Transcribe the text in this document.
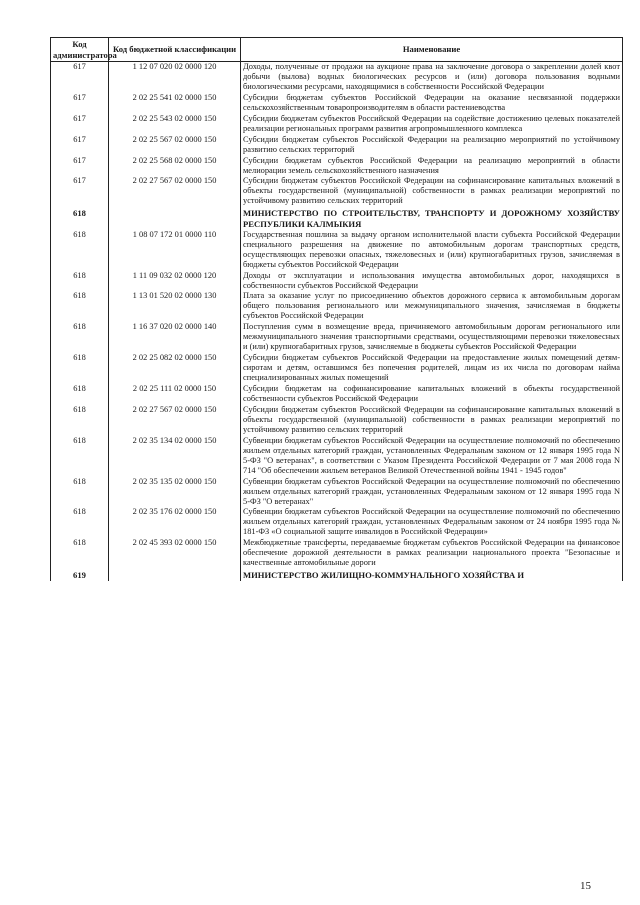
Код администратора	Код бюджетной классификации	Наименование
617	1 12 07 020 02 0000 120	Доходы, полученные от продажи на аукционе права на заключение договора о закреплении долей квот добычи (вылова) водных биологических ресурсов и (или) договора пользования водными биологическими ресурсами, находящимися в собственности Российской Федерации
617	2 02 25 541 02 0000 150	Субсидии бюджетам субъектов Российской Федерации на оказание несвязанной поддержки сельскохозяйственным товаропроизводителям в области растениеводства
617	2 02 25 543 02 0000 150	Субсидии бюджетам субъектов Российской Федерации на содействие достижению целевых показателей реализации региональных программ развития агропромышленного комплекса
617	2 02 25 567 02 0000 150	Субсидии бюджетам субъектов Российской Федерации на реализацию мероприятий по устойчивому развитию сельских территорий
617	2 02 25 568 02 0000 150	Субсидии бюджетам субъектов Российской Федерации на реализацию мероприятий в области мелиорации земель сельскохозяйственного назначения
617	2 02 27 567 02 0000 150	Субсидии бюджетам субъектов Российской Федерации на софинансирование капитальных вложений в объекты государственной (муниципальной) собственности в рамках реализации мероприятий по устойчивому развитию сельских территорий
618		МИНИСТЕРСТВО ПО СТРОИТЕЛЬСТВУ, ТРАНСПОРТУ И ДОРОЖНОМУ ХОЗЯЙСТВУ РЕСПУБЛИКИ КАЛМЫКИЯ
618	1 08 07 172 01 0000 110	Государственная пошлина за выдачу органом исполнительной власти субъекта Российской Федерации специального разрешения на движение по автомобильным дорогам транспортных средств, осуществляющих перевозки опасных, тяжеловесных и (или) крупногабаритных грузов, зачисляемая в бюджеты субъектов Российской Федерации
618	1 11 09 032 02 0000 120	Доходы от эксплуатации и использования имущества автомобильных дорог, находящихся в собственности субъектов Российской Федерации
618	1 13 01 520 02 0000 130	Плата за оказание услуг по присоединению объектов дорожного сервиса к автомобильным дорогам общего пользования регионального или межмуниципального значения, зачисляемая в бюджеты субъектов Российской Федерации
618	1 16 37 020 02 0000 140	Поступления сумм в возмещение вреда, причиняемого автомобильным дорогам регионального или межмуниципального значения транспортными средствами, осуществляющими перевозки тяжеловесных и (или) крупногабаритных грузов, зачисляемые в бюджеты субъектов Российской Федерации
618	2 02 25 082 02 0000 150	Субсидии бюджетам субъектов Российской Федерации на предоставление жилых помещений детям-сиротам и детям, оставшимся без попечения родителей, лицам из их числа по договорам найма специализированных жилых помещений
618	2 02 25 111 02 0000 150	Субсидии бюджетам на софинансирование капитальных вложений в объекты государственной собственности субъектов Российской Федерации
618	2 02 27 567 02 0000 150	Субсидии бюджетам субъектов Российской Федерации на софинансирование капитальных вложений в объекты государственной (муниципальной) собственности в рамках реализации мероприятий по устойчивому развитию сельских территорий
618	2 02 35 134 02 0000 150	Субвенции бюджетам субъектов Российской Федерации на осуществление полномочий по обеспечению жильем отдельных категорий граждан, установленных Федеральным законом от 12 января 1995 года N 5-ФЗ "О ветеранах", в соответствии с Указом Президента Российской Федерации от 7 мая 2008 года N 714 "Об обеспечении жильем ветеранов Великой Отечественной войны 1941 - 1945 годов"
618	2 02 35 135 02 0000 150	Субвенции бюджетам субъектов Российской Федерации на осуществление полномочий по обеспечению жильем отдельных категорий граждан, установленных Федеральным законом от 12 января 1995 года N 5-ФЗ "О ветеранах"
618	2 02 35 176 02 0000 150	Субвенции бюджетам субъектов Российской Федерации на осуществление полномочий по обеспечению жильем отдельных категорий граждан, установленных Федеральным законом от 24 ноября 1995 года № 181-ФЗ «О социальной защите инвалидов в Российской Федерации»
618	2 02 45 393 02 0000 150	Межбюджетные трансферты, передаваемые бюджетам субъектов Российской Федерации на финансовое обеспечение дорожной деятельности в рамках реализации национального проекта "Безопасные и качественные автомобильные дороги
619		МИНИСТЕРСТВО ЖИЛИЩНО-КОММУНАЛЬНОГО ХОЗЯЙСТВА И
15
